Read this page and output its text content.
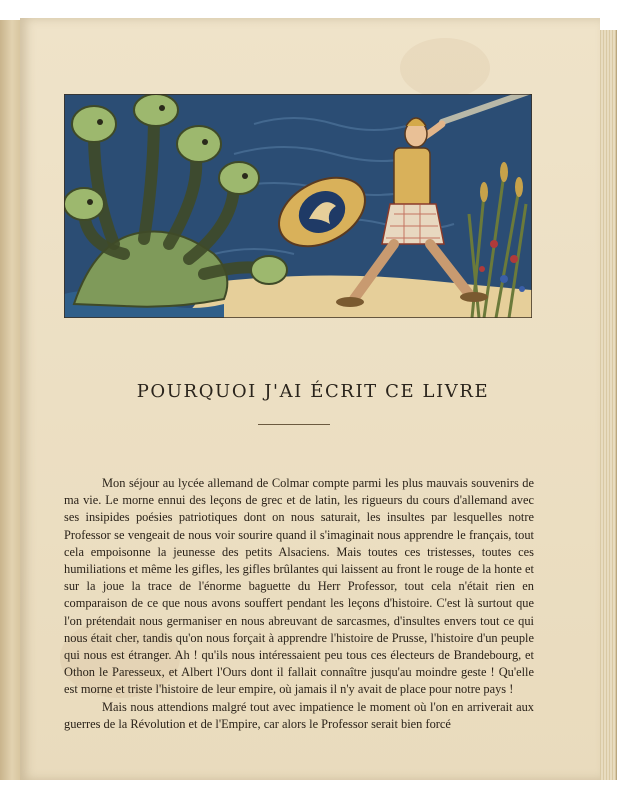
POURQUOI J'AI ÉCRIT CE LIVRE

Mon séjour au lycée allemand de Colmar compte parmi les plus mauvais souvenirs de ma vie. Le morne ennui des leçons de grec et de latin, les rigueurs du cours d'allemand avec ses insipides poésies patriotiques dont on nous saturait, les insultes par lesquelles notre Professor se vengeait de nous voir sourire quand il s'imaginait nous apprendre le français, tout cela empoisonne la jeunesse des petits Alsaciens. Mais toutes ces tristesses, toutes ces humiliations et même les gifles, les gifles brûlantes qui laissent au front le rouge de la honte et sur la joue la trace de l'énorme baguette du Herr Professor, tout cela n'était rien en comparaison de ce que nous avons souffert pendant les leçons d'histoire. C'est là surtout que l'on prétendait nous germaniser en nous abreuvant de sarcasmes, d'insultes envers tout ce qui nous était cher, tandis qu'on nous forçait à apprendre l'histoire de Prusse, l'histoire d'un peuple qui nous est étranger. Ah ! qu'ils nous intéressaient peu tous ces électeurs de Brandebourg, et Othon le Paresseux, et Albert l'Ours dont il fallait connaître jusqu'au moindre geste ! Qu'elle est morne et triste l'histoire de leur empire, où jamais il n'y avait de place pour notre pays !

Mais nous attendions malgré tout avec impatience le moment où l'on en arriverait aux guerres de la Révolution et de l'Empire, car alors le Professor serait bien forcé
